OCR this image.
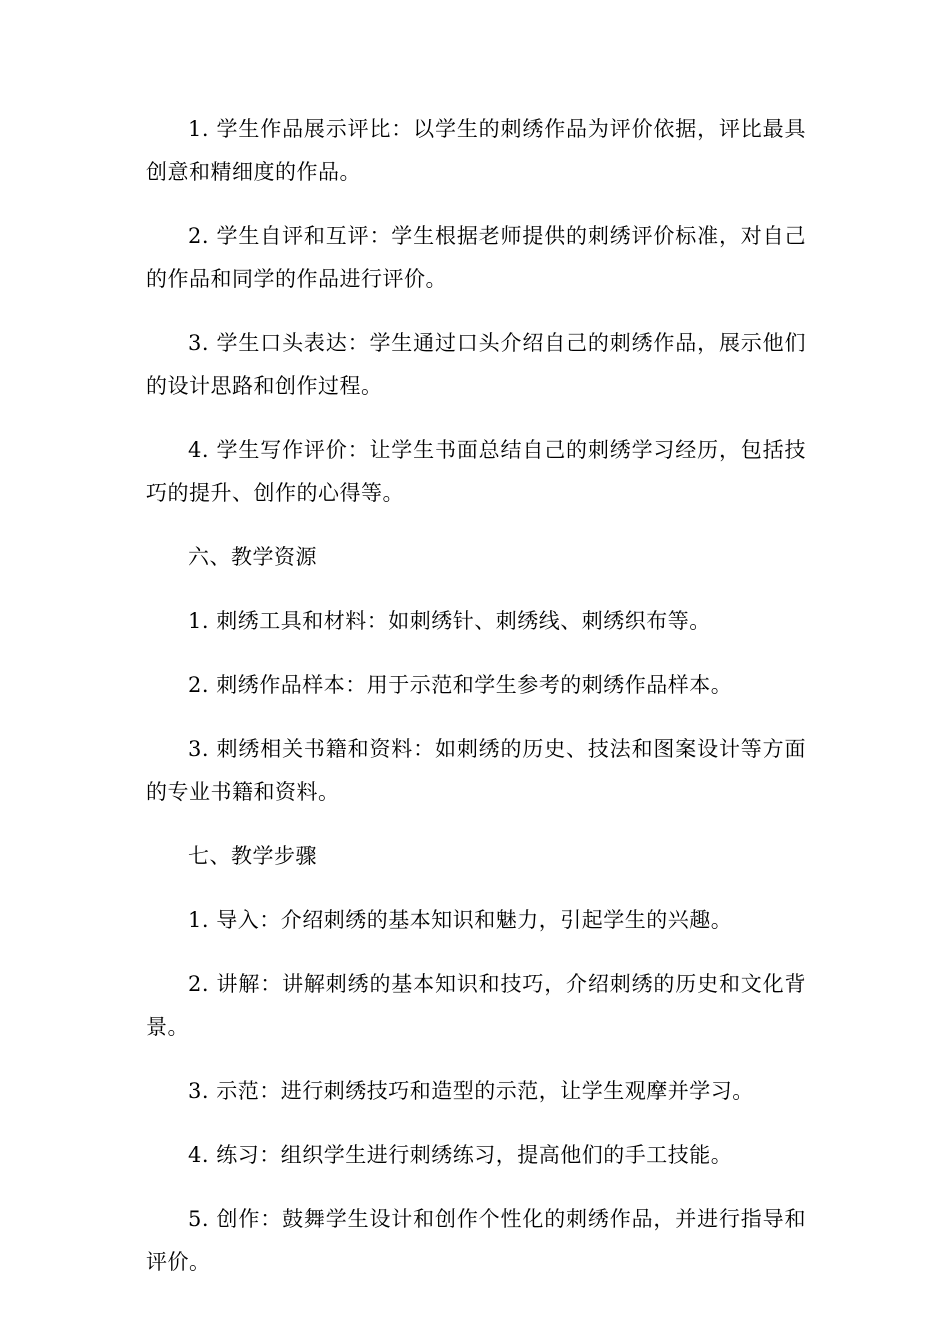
1. 学生作品展示评比：以学生的刺绣作品为评价依据，评比最具创意和精细度的作品。

2. 学生自评和互评：学生根据老师提供的刺绣评价标准，对自己的作品和同学的作品进行评价。

3. 学生口头表达：学生通过口头介绍自己的刺绣作品，展示他们的设计思路和创作过程。

4. 学生写作评价：让学生书面总结自己的刺绣学习经历，包括技巧的提升、创作的心得等。

六、教学资源

1. 刺绣工具和材料：如刺绣针、刺绣线、刺绣织布等。

2. 刺绣作品样本：用于示范和学生参考的刺绣作品样本。

3. 刺绣相关书籍和资料：如刺绣的历史、技法和图案设计等方面的专业书籍和资料。

七、教学步骤

1. 导入：介绍刺绣的基本知识和魅力，引起学生的兴趣。

2. 讲解：讲解刺绣的基本知识和技巧，介绍刺绣的历史和文化背景。

3. 示范：进行刺绣技巧和造型的示范，让学生观摩并学习。

4. 练习：组织学生进行刺绣练习，提高他们的手工技能。

5. 创作：鼓舞学生设计和创作个性化的刺绣作品，并进行指导和评价。
